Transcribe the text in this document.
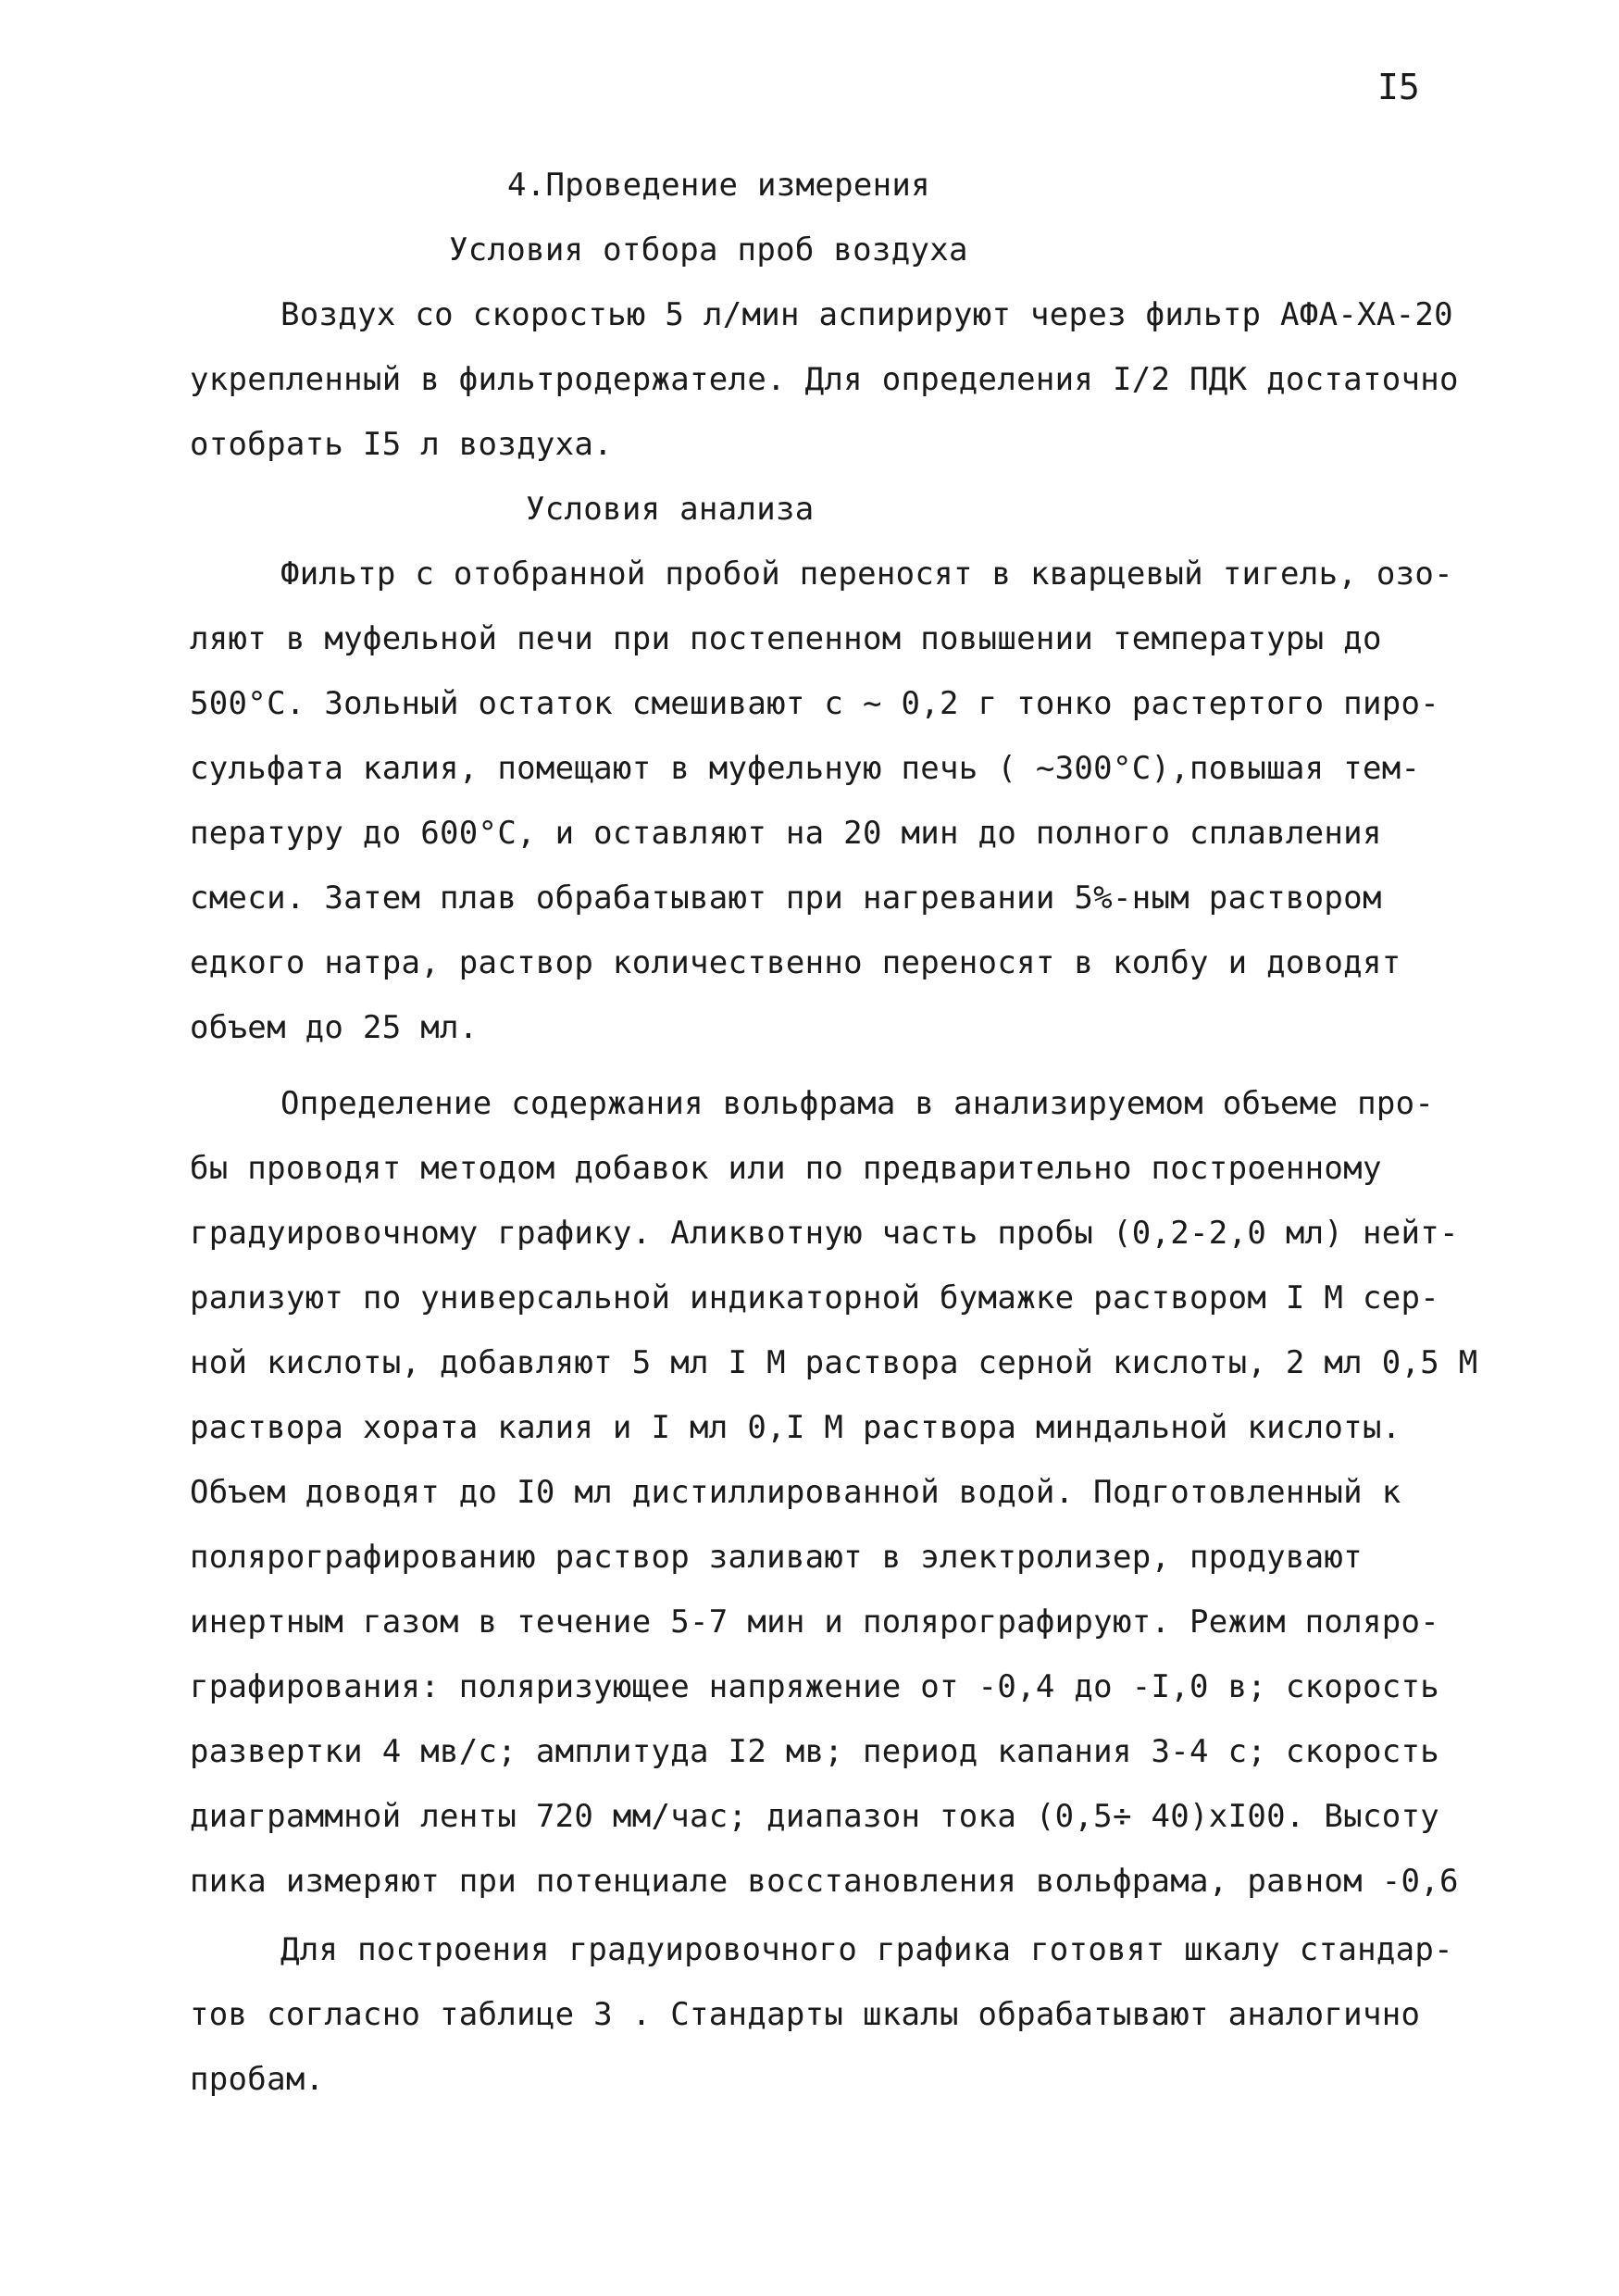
I5
4.Проведение измерения
Условия отбора проб воздуха
Воздух со скоростью 5 л/мин аспирируют через фильтр АФА-ХА-20
укрепленный в фильтродержателе. Для определения I/2 ПДК достаточно
отобрать I5 л воздуха.
Условия анализа
Фильтр с отобранной пробой переносят в кварцевый тигель, озо-
ляют в муфельной печи при постепенном повышении температуры до
500°С. Зольный остаток смешивают с ~ 0,2 г тонко растертого пиро-
сульфата калия, помещают в муфельную печь ( ~300°С),повышая тем-
пературу до 600°С, и оставляют на 20 мин до полного сплавления
смеси. Затем плав обрабатывают при нагревании 5%-ным раствором
едкого натра, раствор количественно переносят в колбу и доводят
объем до 25 мл.
Определение содержания вольфрама в анализируемом объеме про-
бы проводят методом добавок или по предварительно построенному
градуировочному графику. Аликвотную часть пробы (0,2-2,0 мл) нейт-
рализуют по универсальной индикаторной бумажке раствором I М сер-
ной кислоты, добавляют 5 мл I М раствора серной кислоты, 2 мл 0,5 М
раствора хората калия и I мл 0,I М раствора миндальной кислоты.
Объем доводят до I0 мл дистиллированной водой. Подготовленный к
полярографированию раствор заливают в электролизер, продувают
инертным газом в течение 5-7 мин и полярографируют. Режим поляро-
графирования: поляризующее напряжение от -0,4 до -I,0 в; скорость
развертки 4 мв/с; амплитуда I2 мв; период капания 3-4 с; скорость
диаграммной ленты 720 мм/час; диапазон тока (0,5÷ 40)хI00. Высоту
пика измеряют при потенциале восстановления вольфрама, равном -0,6
Для построения градуировочного графика готовят шкалу стандар-
тов согласно таблице 3 . Стандарты шкалы обрабатывают аналогично
пробам.
